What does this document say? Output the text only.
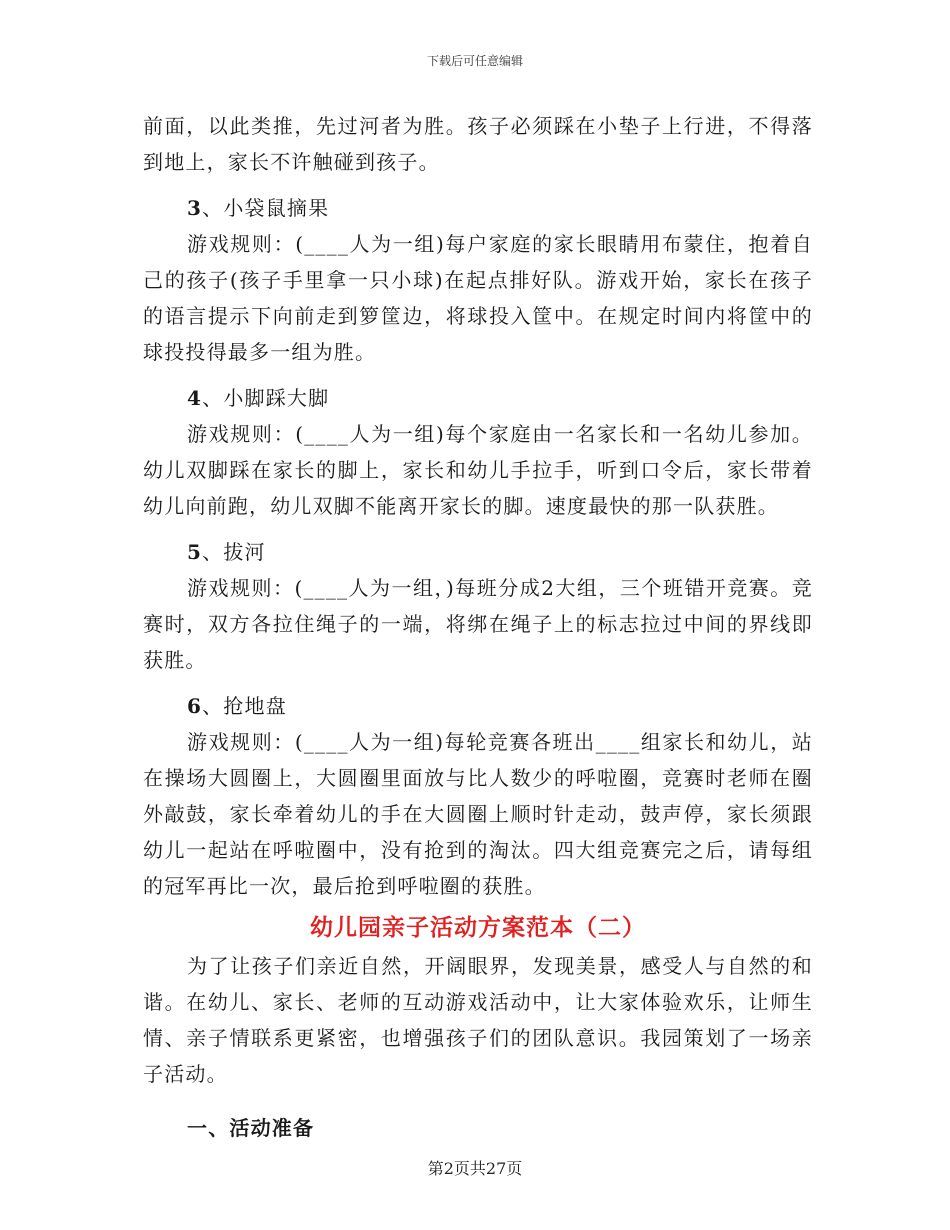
下载后可任意编辑

前面，以此类推，先过河者为胜。孩子必须踩在小垫子上行进，不得落到地上，家长不许触碰到孩子。

3、小袋鼠摘果

游戏规则：(____人为一组)每户家庭的家长眼睛用布蒙住，抱着自己的孩子(孩子手里拿一只小球)在起点排好队。游戏开始，家长在孩子的语言提示下向前走到箩筐边，将球投入筐中。在规定时间内将筐中的球投投得最多一组为胜。

4、小脚踩大脚

游戏规则：(____人为一组)每个家庭由一名家长和一名幼儿参加。幼儿双脚踩在家长的脚上，家长和幼儿手拉手，听到口令后，家长带着幼儿向前跑，幼儿双脚不能离开家长的脚。速度最快的那一队获胜。

5、拔河

游戏规则：(____人为一组，)每班分成2大组，三个班错开竞赛。竞赛时，双方各拉住绳子的一端，将绑在绳子上的标志拉过中间的界线即获胜。

6、抢地盘

游戏规则：(____人为一组)每轮竞赛各班出____组家长和幼儿，站在操场大圆圈上，大圆圈里面放与比人数少的呼啦圈，竞赛时老师在圈外敲鼓，家长牵着幼儿的手在大圆圈上顺时针走动，鼓声停，家长须跟幼儿一起站在呼啦圈中，没有抢到的淘汰。四大组竞赛完之后，请每组的冠军再比一次，最后抢到呼啦圈的获胜。

幼儿园亲子活动方案范本（二）

为了让孩子们亲近自然，开阔眼界，发现美景，感受人与自然的和谐。在幼儿、家长、老师的互动游戏活动中，让大家体验欢乐，让师生情、亲子情联系更紧密，也增强孩子们的团队意识。我园策划了一场亲子活动。

一、活动准备
第2页共27页
